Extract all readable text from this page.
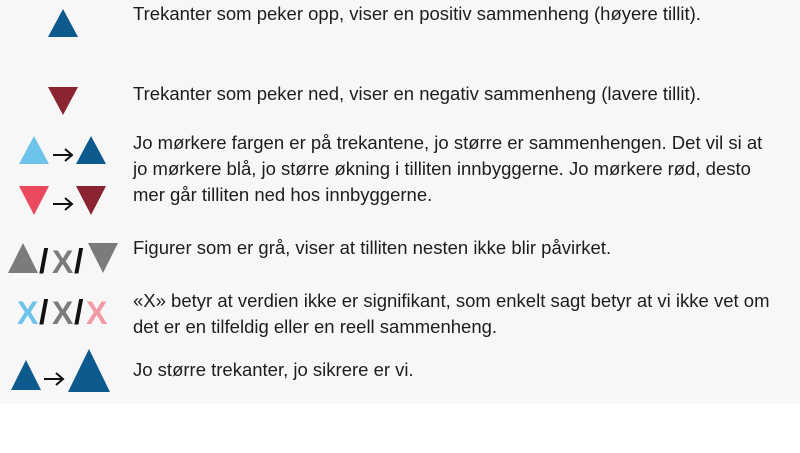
Trekanter som peker opp, viser en positiv sammenheng (høyere tillit).
Trekanter som peker ned, viser en negativ sammenheng (lavere tillit).
Jo mørkere fargen er på trekantene, jo større er sammenhengen. Det vil si at
jo mørkere blå, jo større økning i tilliten innbyggerne. Jo mørkere rød, desto
mer går tilliten ned hos innbyggerne.
/ X /	Figurer som er grå, viser at tilliten nesten ikke blir påvirket.
X / X / X «X» betyr at verdien ikke er signifikant, som enkelt sagt betyr at vi ikke vet om
det er en tilfeldig eller en reell sammenheng.
Jo større trekanter, jo sikrere er vi.
